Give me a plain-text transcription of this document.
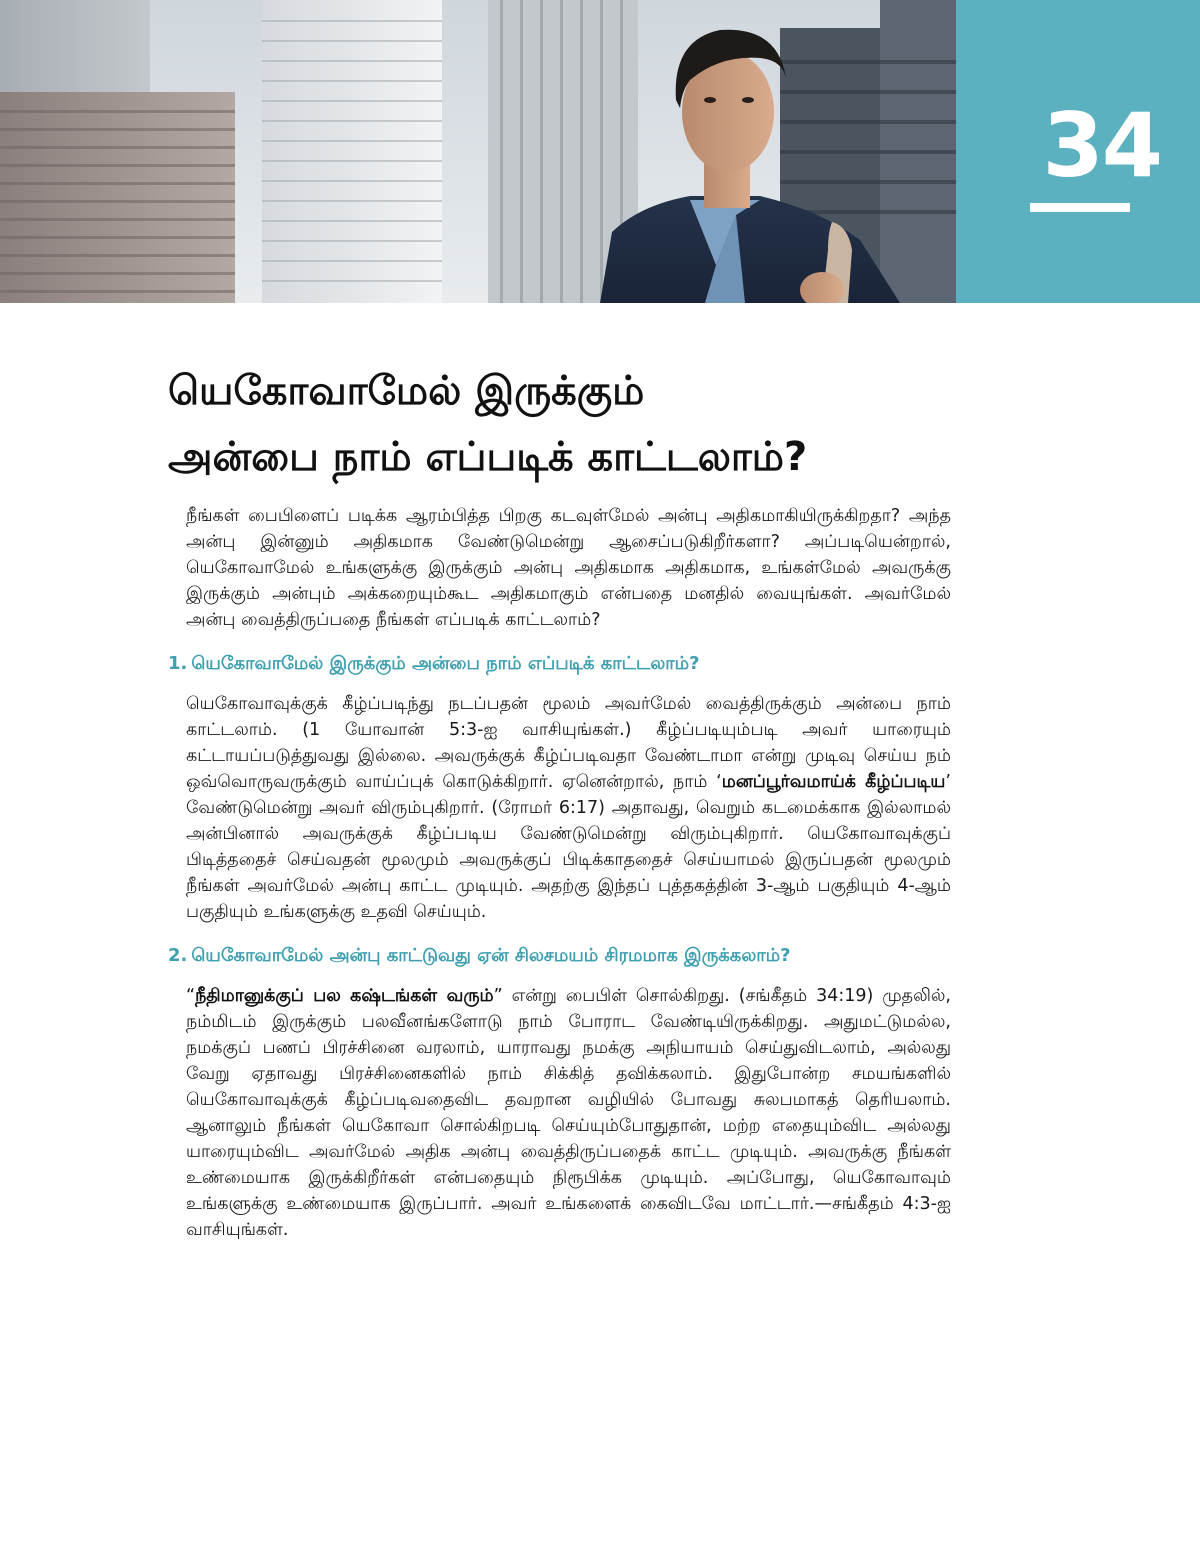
34
யெகோவாமேல் இருக்கும்
அன்பை நாம் எப்படிக் காட்டலாம்?

நீங்கள் பைபிளைப் படிக்க ஆரம்பித்த பிறகு கடவுள்மேல் அன்பு அதிகமாகியிருக்கிறதா? அந்த அன்பு இன்னும் அதிகமாக வேண்டுமென்று ஆசைப்படுகிறீர்களா? அப்படியென்றால், யெகோவாமேல் உங்களுக்கு இருக்கும் அன்பு அதிகமாக அதிகமாக, உங்கள்மேல் அவருக்கு இருக்கும் அன்பும் அக்கறையும்கூட அதிகமாகும் என்பதை மனதில் வையுங்கள். அவர்மேல் அன்பு வைத்திருப்பதை நீங்கள் எப்படிக் காட்டலாம்?

1. யெகோவாமேல் இருக்கும் அன்பை நாம் எப்படிக் காட்டலாம்?

யெகோவாவுக்குக் கீழ்ப்படிந்து நடப்பதன் மூலம் அவர்மேல் வைத்திருக்கும் அன்பை நாம் காட்டலாம். (1 யோவான் 5:3-ஐ வாசியுங்கள்.) கீழ்ப்படியும்படி அவர் யாரையும் கட்டாயப்படுத்துவது இல்லை. அவருக்குக் கீழ்ப்படிவதா வேண்டாமா என்று முடிவு செய்ய நம் ஒவ்வொருவருக்கும் வாய்ப்புக் கொடுக்கிறார். ஏனென்றால், நாம் ‘மனப்பூர்வமாய்க் கீழ்ப்படிய’ வேண்டுமென்று அவர் விரும்புகிறார். (ரோமர் 6:17) அதாவது, வெறும் கடமைக்காக இல்லாமல் அன்பினால் அவருக்குக் கீழ்ப்படிய வேண்டுமென்று விரும்புகிறார். யெகோவாவுக்குப் பிடித்ததைச் செய்வதன் மூலமும் அவருக்குப் பிடிக்காததைச் செய்யாமல் இருப்பதன் மூலமும் நீங்கள் அவர்மேல் அன்பு காட்ட முடியும். அதற்கு இந்தப் புத்தகத்தின் 3-ஆம் பகுதியும் 4-ஆம் பகுதியும் உங்களுக்கு உதவி செய்யும்.

2. யெகோவாமேல் அன்பு காட்டுவது ஏன் சிலசமயம் சிரமமாக இருக்கலாம்?

“நீதிமானுக்குப் பல கஷ்டங்கள் வரும்” என்று பைபிள் சொல்கிறது. (சங்கீதம் 34:19) முதலில், நம்மிடம் இருக்கும் பலவீனங்களோடு நாம் போராட வேண்டியிருக்கிறது. அதுமட்டுமல்ல, நமக்குப் பணப் பிரச்சினை வரலாம், யாராவது நமக்கு அநியாயம் செய்துவிடலாம், அல்லது வேறு ஏதாவது பிரச்சினைகளில் நாம் சிக்கித் தவிக்கலாம். இதுபோன்ற சமயங்களில் யெகோவாவுக்குக் கீழ்ப்படிவதைவிட தவறான வழியில் போவது சுலபமாகத் தெரியலாம். ஆனாலும் நீங்கள் யெகோவா சொல்கிறபடி செய்யும்போதுதான், மற்ற எதையும்விட அல்லது யாரையும்விட அவர்மேல் அதிக அன்பு வைத்திருப்பதைக் காட்ட முடியும். அவருக்கு நீங்கள் உண்மையாக இருக்கிறீர்கள் என்பதையும் நிரூபிக்க முடியும். அப்போது, யெகோவாவும் உங்களுக்கு உண்மையாக இருப்பார். அவர் உங்களைக் கைவிடவே மாட்டார்.—சங்கீதம் 4:3-ஐ வாசியுங்கள்.
